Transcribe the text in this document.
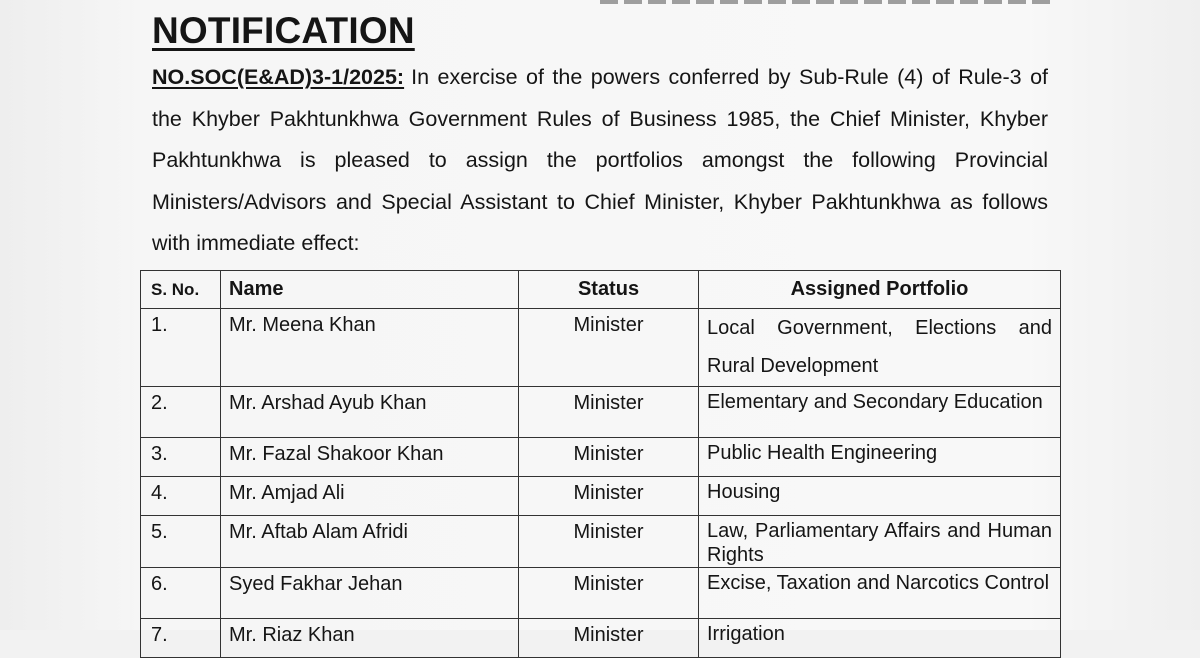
NOTIFICATION

NO.SOC(E&AD)3-1/2025: In exercise of the powers conferred by Sub-Rule (4) of Rule-3 of the Khyber Pakhtunkhwa Government Rules of Business 1985, the Chief Minister, Khyber Pakhtunkhwa is pleased to assign the portfolios amongst the following Provincial Ministers/Advisors and Special Assistant to Chief Minister, Khyber Pakhtunkhwa as follows with immediate effect:

S. No.	Name	Status	Assigned Portfolio
1.	Mr. Meena Khan	Minister	Local Government, Elections and Rural Development
2.	Mr. Arshad Ayub Khan	Minister	Elementary and Secondary Education
3.	Mr. Fazal Shakoor Khan	Minister	Public Health Engineering
4.	Mr. Amjad Ali	Minister	Housing
5.	Mr. Aftab Alam Afridi	Minister	Law, Parliamentary Affairs and Human Rights
6.	Syed Fakhar Jehan	Minister	Excise, Taxation and Narcotics Control
7.	Mr. Riaz Khan	Minister	Irrigation
